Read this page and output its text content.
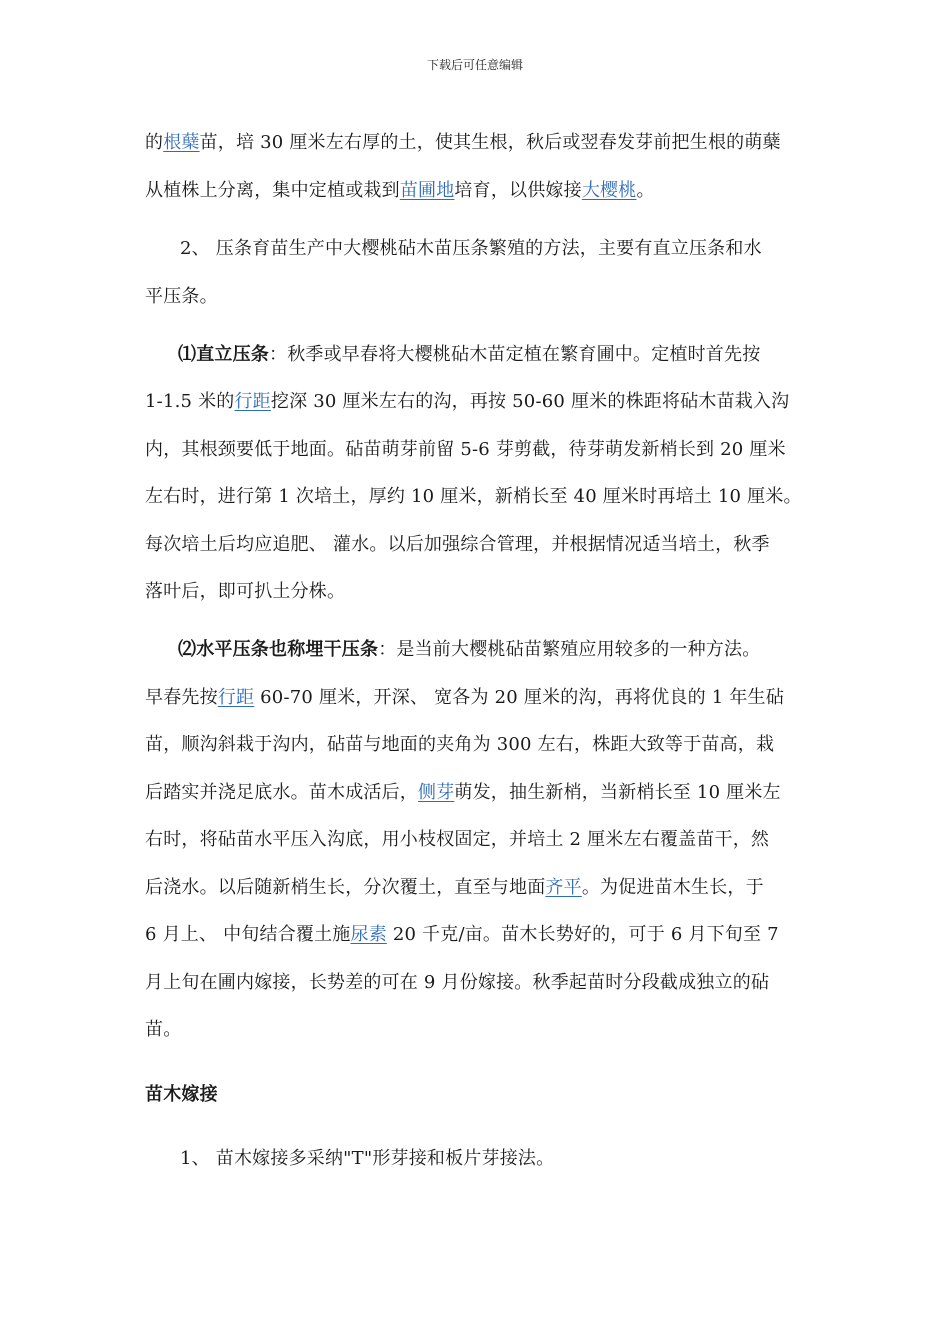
下载后可任意编辑
的根蘖苗，培 30 厘米左右厚的土，使其生根，秋后或翌春发芽前把生根的萌蘖
从植株上分离，集中定植或栽到苗圃地培育，以供嫁接大樱桃。
2、 压条育苗生产中大樱桃砧木苗压条繁殖的方法，主要有直立压条和水
平压条。
⑴直立压条：秋季或早春将大樱桃砧木苗定植在繁育圃中。定植时首先按
1-1.5 米的行距挖深 30 厘米左右的沟，再按 50-60 厘米的株距将砧木苗栽入沟
内，其根颈要低于地面。砧苗萌芽前留 5-6 芽剪截，待芽萌发新梢长到 20 厘米
左右时，进行第 1 次培土，厚约 10 厘米，新梢长至 40 厘米时再培土 10 厘米。
每次培土后均应追肥、 灌水。以后加强综合管理，并根据情况适当培土，秋季
落叶后，即可扒土分株。
⑵水平压条也称埋干压条：是当前大樱桃砧苗繁殖应用较多的一种方法。
早春先按行距 60-70 厘米，开深、 宽各为 20 厘米的沟，再将优良的 1 年生砧
苗，顺沟斜栽于沟内，砧苗与地面的夹角为 300 左右，株距大致等于苗高，栽
后踏实并浇足底水。苗木成活后，侧芽萌发，抽生新梢，当新梢长至 10 厘米左
右时，将砧苗水平压入沟底，用小枝杈固定，并培土 2 厘米左右覆盖苗干，然
后浇水。以后随新梢生长，分次覆土，直至与地面齐平。为促进苗木生长，于
6 月上、 中旬结合覆土施尿素 20 千克/亩。苗木长势好的，可于 6 月下旬至 7
月上旬在圃内嫁接，长势差的可在 9 月份嫁接。秋季起苗时分段截成独立的砧
苗。
苗木嫁接
1、 苗木嫁接多采纳"T"形芽接和板片芽接法。
